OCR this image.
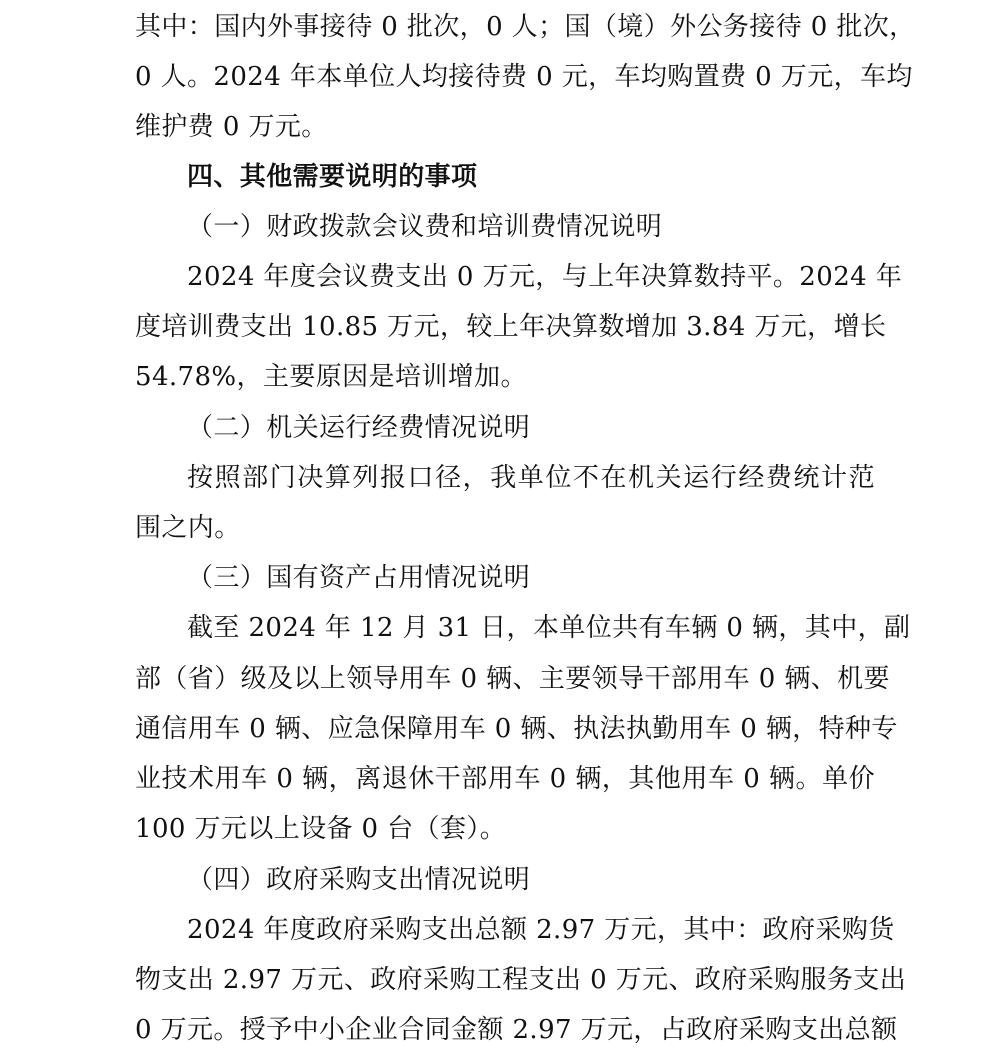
其中：国内外事接待 0 批次，0 人；国（境）外公务接待 0 批次，
0 人。2024 年本单位人均接待费 0 元，车均购置费 0 万元，车均
维护费 0 万元。
四、其他需要说明的事项
（一）财政拨款会议费和培训费情况说明
2024 年度会议费支出 0 万元，与上年决算数持平。2024 年
度培训费支出 10.85 万元，较上年决算数增加 3.84 万元，增长
54.78%，主要原因是培训增加。
（二）机关运行经费情况说明
按照部门决算列报口径，我单位不在机关运行经费统计范
围之内。
（三）国有资产占用情况说明
截至 2024 年 12 月 31 日，本单位共有车辆 0 辆，其中，副
部（省）级及以上领导用车 0 辆、主要领导干部用车 0 辆、机要
通信用车 0 辆、应急保障用车 0 辆、执法执勤用车 0 辆，特种专
业技术用车 0 辆，离退休干部用车 0 辆，其他用车 0 辆。单价
100 万元以上设备 0 台（套）。
（四）政府采购支出情况说明
2024 年度政府采购支出总额 2.97 万元，其中：政府采购货
物支出 2.97 万元、政府采购工程支出 0 万元、政府采购服务支出
0 万元。授予中小企业合同金额 2.97 万元，占政府采购支出总额
